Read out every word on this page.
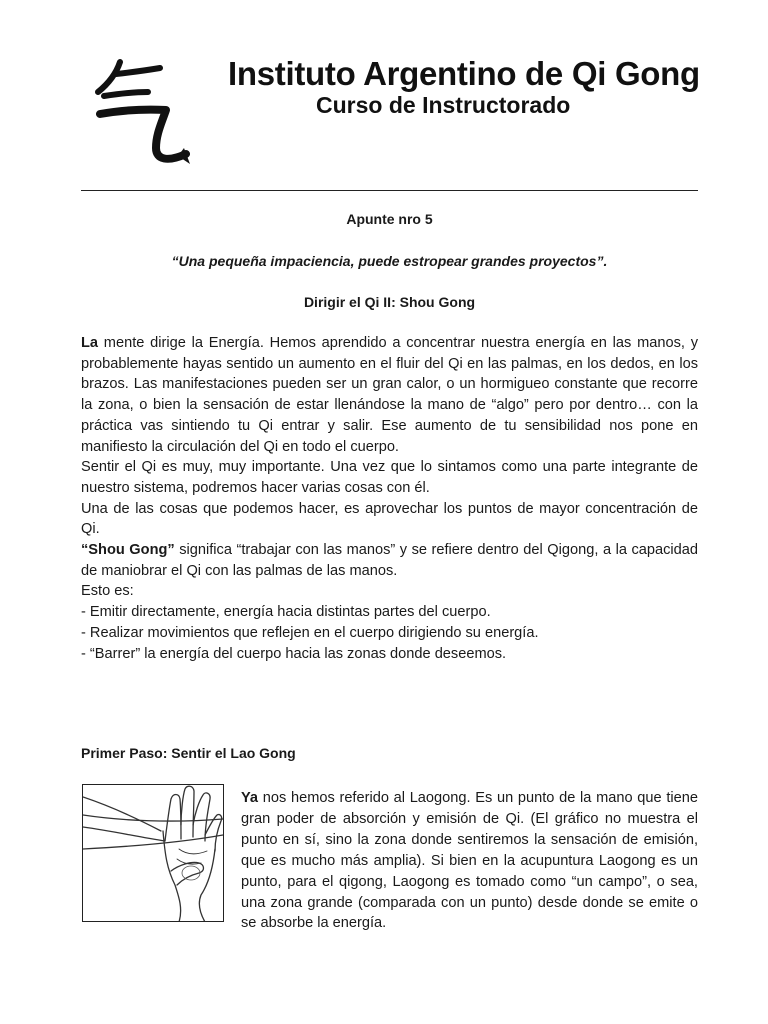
Instituto Argentino de Qi Gong
Curso de Instructorado
Apunte nro 5
“Una pequeña impaciencia, puede estropear grandes proyectos”.
Dirigir el Qi II: Shou Gong

La mente dirige la Energía. Hemos aprendido a concentrar nuestra energía en las manos, y probablemente hayas sentido un aumento en el fluir del Qi en las palmas, en los dedos, en los brazos. Las manifestaciones pueden ser un gran calor, o un hormigueo constante que recorre la zona, o bien la sensación de estar llenándose la mano de “algo” pero por dentro… con la práctica vas sintiendo tu Qi entrar y salir. Ese aumento de tu sensibilidad nos pone en manifiesto la circulación del Qi en todo el cuerpo.

Sentir el Qi es muy, muy importante. Una vez que lo sintamos como una parte integrante de nuestro sistema, podremos hacer varias cosas con él.

Una de las cosas que podemos hacer, es aprovechar los puntos de mayor concentración de Qi.

“Shou Gong” significa “trabajar con las manos” y se refiere dentro del Qigong, a la capacidad de maniobrar el Qi con las palmas de las manos.

Esto es:

- Emitir directamente, energía hacia distintas partes del cuerpo.
- Realizar movimientos que reflejen en el cuerpo dirigiendo su energía.
- “Barrer” la energía del cuerpo hacia las zonas donde deseemos.
Primer Paso: Sentir el Lao Gong
Ya nos hemos referido al Laogong. Es un punto de la mano que tiene gran poder de absorción y emisión de Qi. (El gráfico no muestra el punto en sí, sino la zona donde sentiremos la sensación de emisión, que es mucho más amplia). Si bien en la acupuntura Laogong es un punto, para el qigong, Laogong es tomado como “un campo”, o sea, una zona grande (comparada con un punto) desde donde se emite o se absorbe la energía.
